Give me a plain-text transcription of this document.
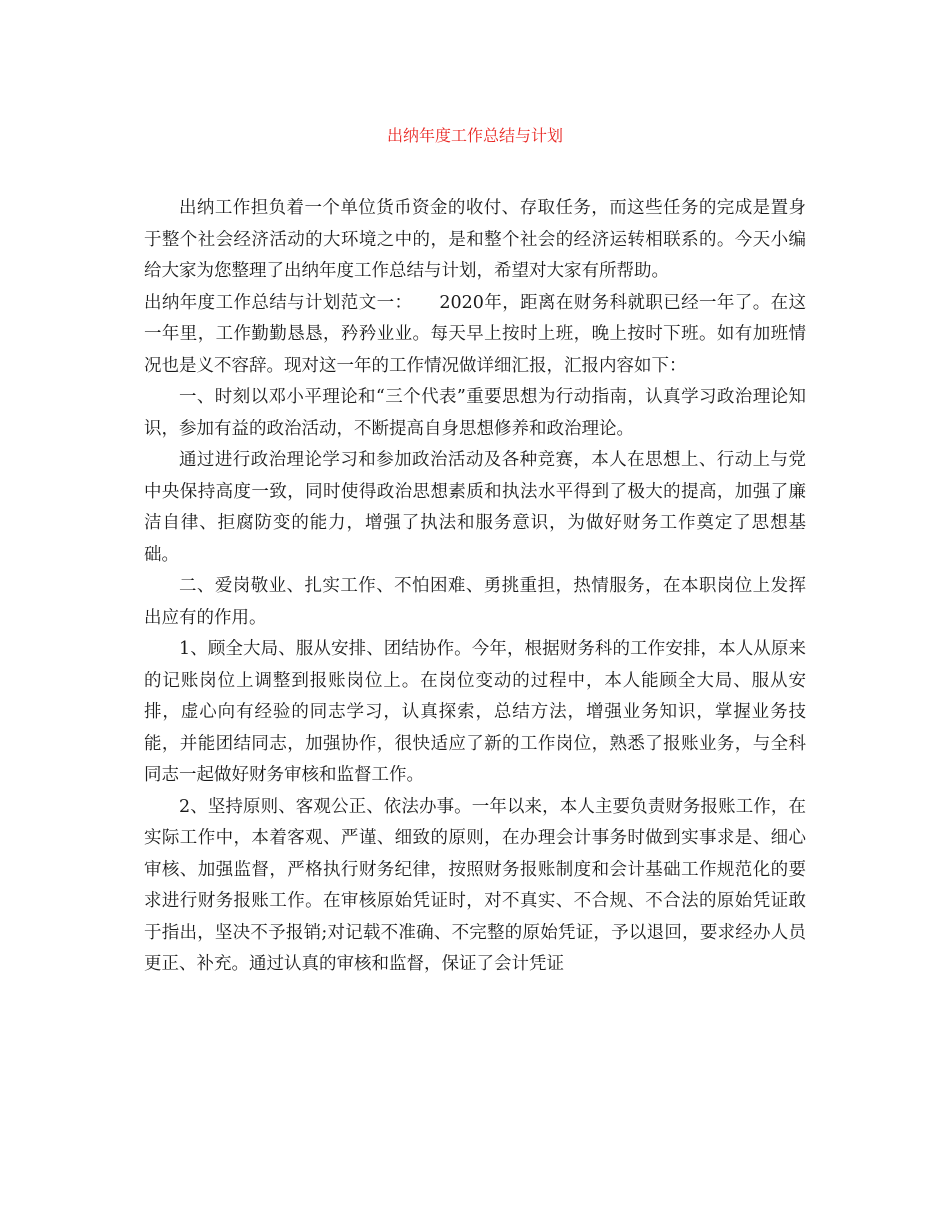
出纳年度工作总结与计划

出纳工作担负着一个单位货币资金的收付、存取任务，而这些任务的完成是置身于整个社会经济活动的大环境之中的，是和整个社会的经济运转相联系的。今天小编给大家为您整理了出纳年度工作总结与计划，希望对大家有所帮助。

出纳年度工作总结与计划范文一：　　2020年，距离在财务科就职已经一年了。在这一年里，工作勤勤恳恳，矜矜业业。每天早上按时上班，晚上按时下班。如有加班情况也是义不容辞。现对这一年的工作情况做详细汇报，汇报内容如下：

一、时刻以邓小平理论和“三个代表”重要思想为行动指南，认真学习政治理论知识，参加有益的政治活动，不断提高自身思想修养和政治理论。

通过进行政治理论学习和参加政治活动及各种竞赛，本人在思想上、行动上与党中央保持高度一致，同时使得政治思想素质和执法水平得到了极大的提高，加强了廉洁自律、拒腐防变的能力，增强了执法和服务意识，为做好财务工作奠定了思想基础。

二、爱岗敬业、扎实工作、不怕困难、勇挑重担，热情服务，在本职岗位上发挥出应有的作用。

1、顾全大局、服从安排、团结协作。今年，根据财务科的工作安排，本人从原来的记账岗位上调整到报账岗位上。在岗位变动的过程中，本人能顾全大局、服从安排，虚心向有经验的同志学习，认真探索，总结方法，增强业务知识，掌握业务技能，并能团结同志，加强协作，很快适应了新的工作岗位，熟悉了报账业务，与全科同志一起做好财务审核和监督工作。

2、坚持原则、客观公正、依法办事。一年以来，本人主要负责财务报账工作，在实际工作中，本着客观、严谨、细致的原则，在办理会计事务时做到实事求是、细心审核、加强监督，严格执行财务纪律，按照财务报账制度和会计基础工作规范化的要求进行财务报账工作。在审核原始凭证时，对不真实、不合规、不合法的原始凭证敢于指出，坚决不予报销;对记载不准确、不完整的原始凭证，予以退回，要求经办人员更正、补充。通过认真的审核和监督，保证了会计凭证
